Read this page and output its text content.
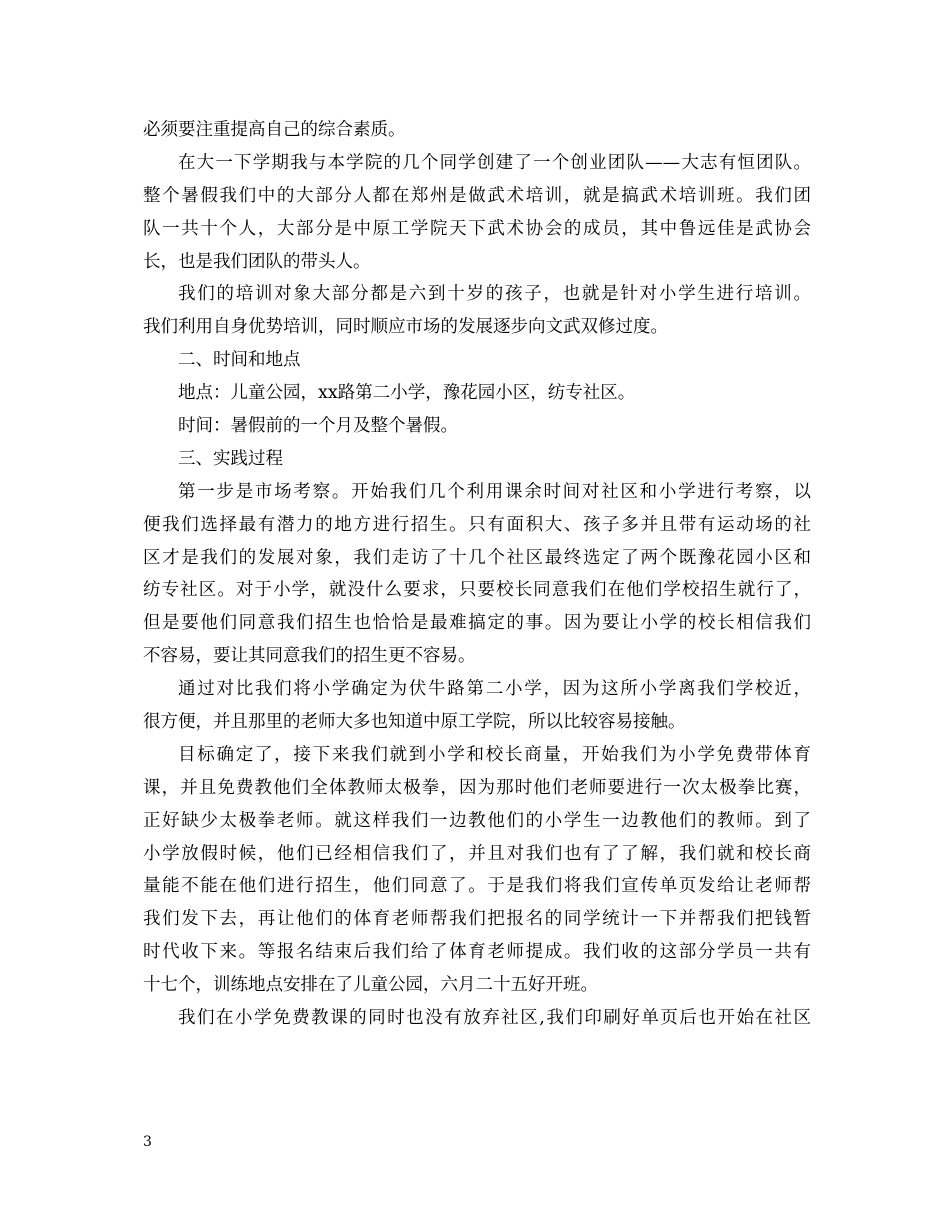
必须要注重提高自己的综合素质。
在大一下学期我与本学院的几个同学创建了一个创业团队——大志有恒团队。
整个暑假我们中的大部分人都在郑州是做武术培训，就是搞武术培训班。我们团
队一共十个人，大部分是中原工学院天下武术协会的成员，其中鲁远佳是武协会
长，也是我们团队的带头人。
我们的培训对象大部分都是六到十岁的孩子，也就是针对小学生进行培训。
我们利用自身优势培训，同时顺应市场的发展逐步向文武双修过度。
二、时间和地点
地点：儿童公园，xx路第二小学，豫花园小区，纺专社区。
时间：暑假前的一个月及整个暑假。
三、实践过程
第一步是市场考察。开始我们几个利用课余时间对社区和小学进行考察，以
便我们选择最有潜力的地方进行招生。只有面积大、孩子多并且带有运动场的社
区才是我们的发展对象，我们走访了十几个社区最终选定了两个既豫花园小区和
纺专社区。对于小学，就没什么要求，只要校长同意我们在他们学校招生就行了，
但是要他们同意我们招生也恰恰是最难搞定的事。因为要让小学的校长相信我们
不容易，要让其同意我们的招生更不容易。
通过对比我们将小学确定为伏牛路第二小学，因为这所小学离我们学校近，
很方便，并且那里的老师大多也知道中原工学院，所以比较容易接触。
目标确定了，接下来我们就到小学和校长商量，开始我们为小学免费带体育
课，并且免费教他们全体教师太极拳，因为那时他们老师要进行一次太极拳比赛，
正好缺少太极拳老师。就这样我们一边教他们的小学生一边教他们的教师。到了
小学放假时候，他们已经相信我们了，并且对我们也有了了解，我们就和校长商
量能不能在他们进行招生，他们同意了。于是我们将我们宣传单页发给让老师帮
我们发下去，再让他们的体育老师帮我们把报名的同学统计一下并帮我们把钱暂
时代收下来。等报名结束后我们给了体育老师提成。我们收的这部分学员一共有
十七个，训练地点安排在了儿童公园，六月二十五好开班。
我们在小学免费教课的同时也没有放弃社区,我们印刷好单页后也开始在社区
3
